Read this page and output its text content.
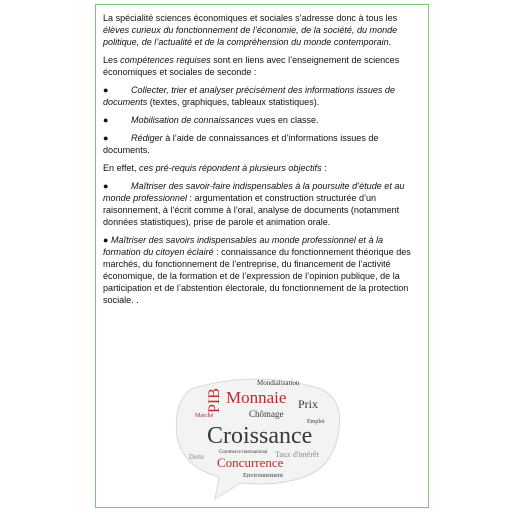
La spécialité sciences économiques et sociales s’adresse donc à tous les élèves curieux du fonctionnement de l’économie, de la société, du monde politique, de l’actualité et de la compréhension du monde contemporain.

Les compétences requises sont en liens avec l’enseignement de sciences économiques et sociales de seconde :

● Collecter, trier et analyser précisément des informations issues de documents (textes, graphiques, tableaux statistiques).

● Mobilisation de connaissances vues en classe.

● Rédiger à l’aide de connaissances et d’informations issues de documents.

En effet, ces pré-requis répondent à plusieurs objectifs :

● Maîtriser des savoir-faire indispensables à la poursuite d’étude et au monde professionnel : argumentation et construction structurée d’un raisonnement, à l’écrit comme à l’oral, analyse de documents (notamment données statistiques), prise de parole et animation orale.

● Maîtriser des savoirs indispensables au monde professionnel et à la formation du citoyen éclairé : connaissance du fonctionnement théorique des marchés, du fonctionnement de l’entreprise, du financement de l’activité économique, de la formation et de l’expression de l’opinion publique, de la participation et de l’abstention électorale, du fonctionnement de la protection sociale. .

Mondialisation
PIB Monnaie Prix
Chômage
Croissance
Taux d'intérêt
Concurrence
Environnement
Dette
Marché
Emploi
Commerce international
